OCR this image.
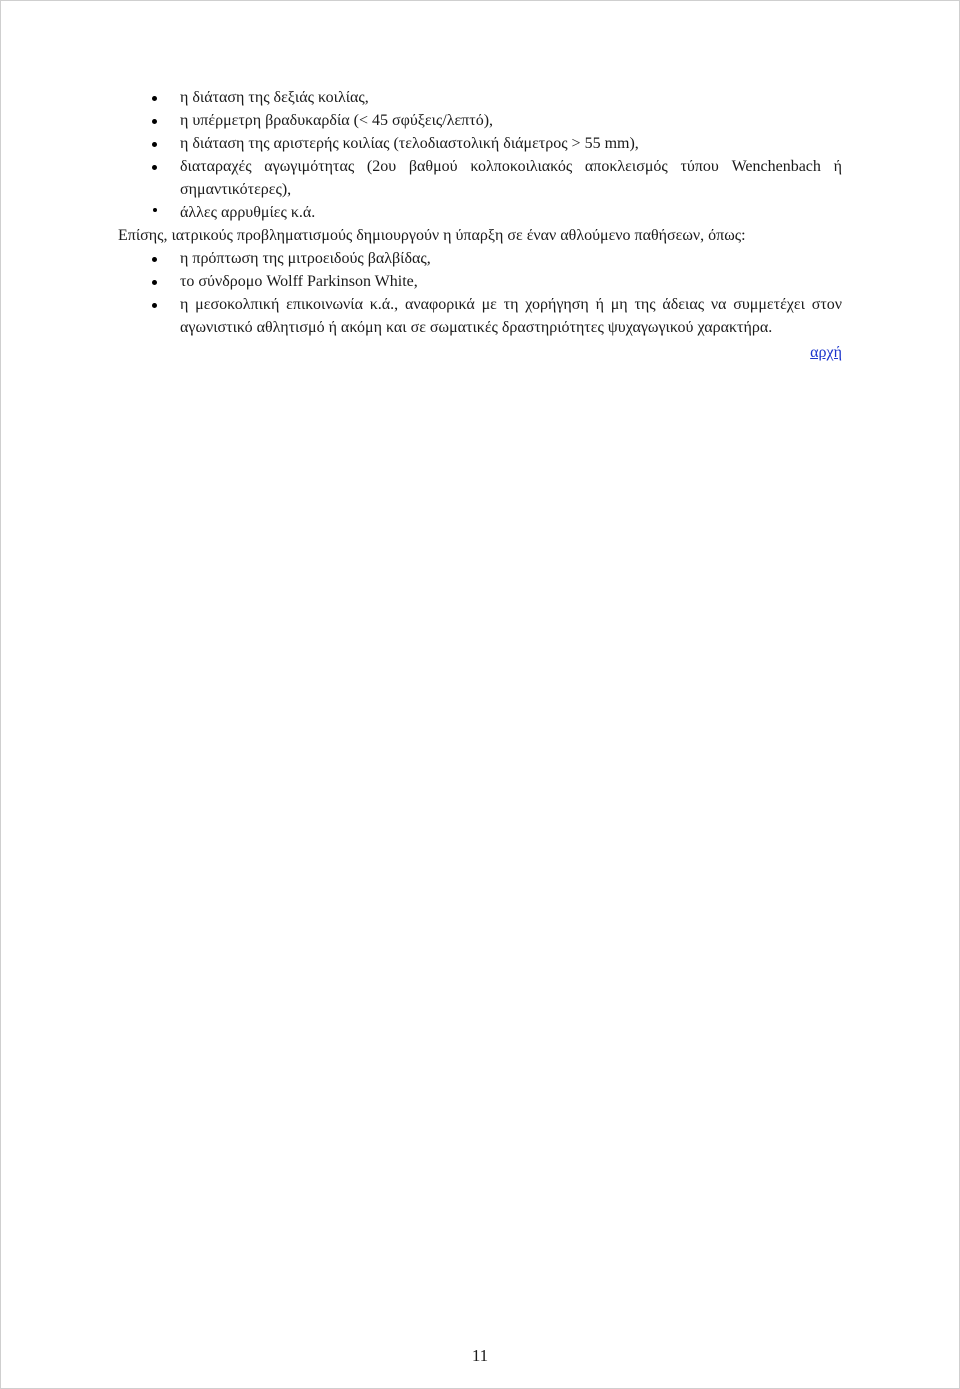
η διάταση της δεξιάς κοιλίας,
η υπέρμετρη βραδυκαρδία (< 45 σφύξεις/λεπτό),
η διάταση της αριστερής κοιλίας (τελοδιαστολική διάμετρος > 55 mm),
διαταραχές αγωγιμότητας (2ου βαθμού κολποκοιλιακός αποκλεισμός τύπου Wenchenbach ή σημαντικότερες),
άλλες αρρυθμίες κ.ά.

Επίσης, ιατρικούς προβληματισμούς δημιουργούν η ύπαρξη σε έναν αθλούμενο παθήσεων, όπως:

η πρόπτωση της μιτροειδούς βαλβίδας,
το σύνδρομο Wolff Parkinson White,
η μεσοκολπική επικοινωνία κ.ά., αναφορικά με τη χορήγηση ή μη της άδειας να συμμετέχει στον αγωνιστικό αθλητισμό ή ακόμη και σε σωματικές δραστηριότητες ψυχαγωγικού χαρακτήρα.
αρχή
11
